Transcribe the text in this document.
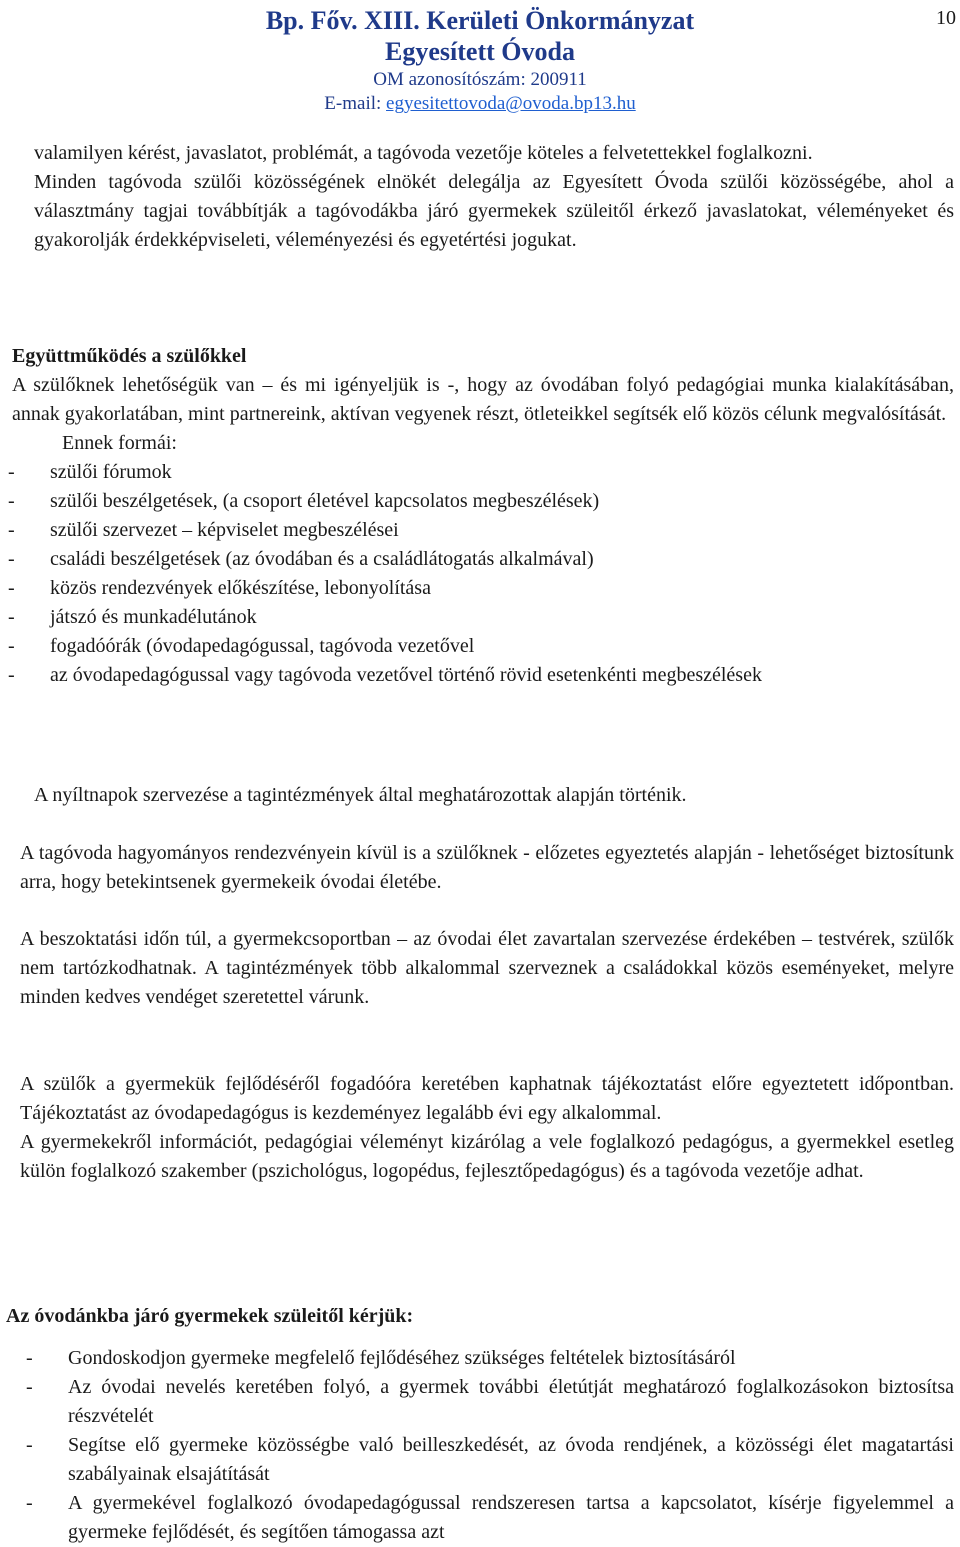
10
Bp. Főv. XIII. Kerületi Önkormányzat
Egyesített Óvoda
OM azonosítószám: 200911
E-mail: egyesitettovoda@ovoda.bp13.hu

valamilyen kérést, javaslatot, problémát, a tagóvoda vezetője köteles a felvetettekkel foglalkozni.

Minden tagóvoda szülői közösségének elnökét delegálja az Egyesített Óvoda szülői közösségébe, ahol a választmány tagjai továbbítják a tagóvodákba járó gyermekek szüleitől érkező javaslatokat, véleményeket és gyakorolják érdekképviseleti, véleményezési és egyetértési jogukat.

Együttműködés a szülőkkel

A szülőknek lehetőségük van – és mi igényeljük is -, hogy az óvodában folyó pedagógiai munka kialakításában, annak gyakorlatában, mint partnereink, aktívan vegyenek részt, ötleteikkel segítsék elő közös célunk megvalósítását.

Ennek formái:

- szülői fórumok
- szülői beszélgetések, (a csoport életével kapcsolatos megbeszélések)
- szülői szervezet – képviselet megbeszélései
- családi beszélgetések (az óvodában és a családlátogatás alkalmával)
- közös rendezvények előkészítése, lebonyolítása
- játszó és munkadélutánok
- fogadóórák (óvodapedagógussal, tagóvoda vezetővel
- az óvodapedagógussal vagy tagóvoda vezetővel történő rövid esetenkénti megbeszélések

A nyíltnapok szervezése a tagintézmények által meghatározottak alapján történik.

A tagóvoda hagyományos rendezvényein kívül is a szülőknek - előzetes egyeztetés alapján - lehetőséget biztosítunk arra, hogy betekintsenek gyermekeik óvodai életébe.

A beszoktatási időn túl, a gyermekcsoportban – az óvodai élet zavartalan szervezése érdekében – testvérek, szülők nem tartózkodhatnak. A tagintézmények több alkalommal szerveznek a családokkal közös eseményeket, melyre minden kedves vendéget szeretettel várunk.

A szülők a gyermekük fejlődéséről fogadóóra keretében kaphatnak tájékoztatást előre egyeztetett időpontban. Tájékoztatást az óvodapedagógus is kezdeményez legalább évi egy alkalommal.

A gyermekekről információt, pedagógiai véleményt kizárólag a vele foglalkozó pedagógus, a gyermekkel esetleg külön foglalkozó szakember (pszichológus, logopédus, fejlesztőpedagógus) és a tagóvoda vezetője adhat.

Az óvodánkba járó gyermekek szüleitől kérjük:

- Gondoskodjon gyermeke megfelelő fejlődéséhez szükséges feltételek biztosításáról
- Az óvodai nevelés keretében folyó, a gyermek további életútját meghatározó foglalkozásokon biztosítsa részvételét
- Segítse elő gyermeke közösségbe való beilleszkedését, az óvoda rendjének, a közösségi élet magatartási szabályainak elsajátítását
- A gyermekével foglalkozó óvodapedagógussal rendszeresen tartsa a kapcsolatot, kísérje figyelemmel a gyermeke fejlődését, és segítően támogassa azt
